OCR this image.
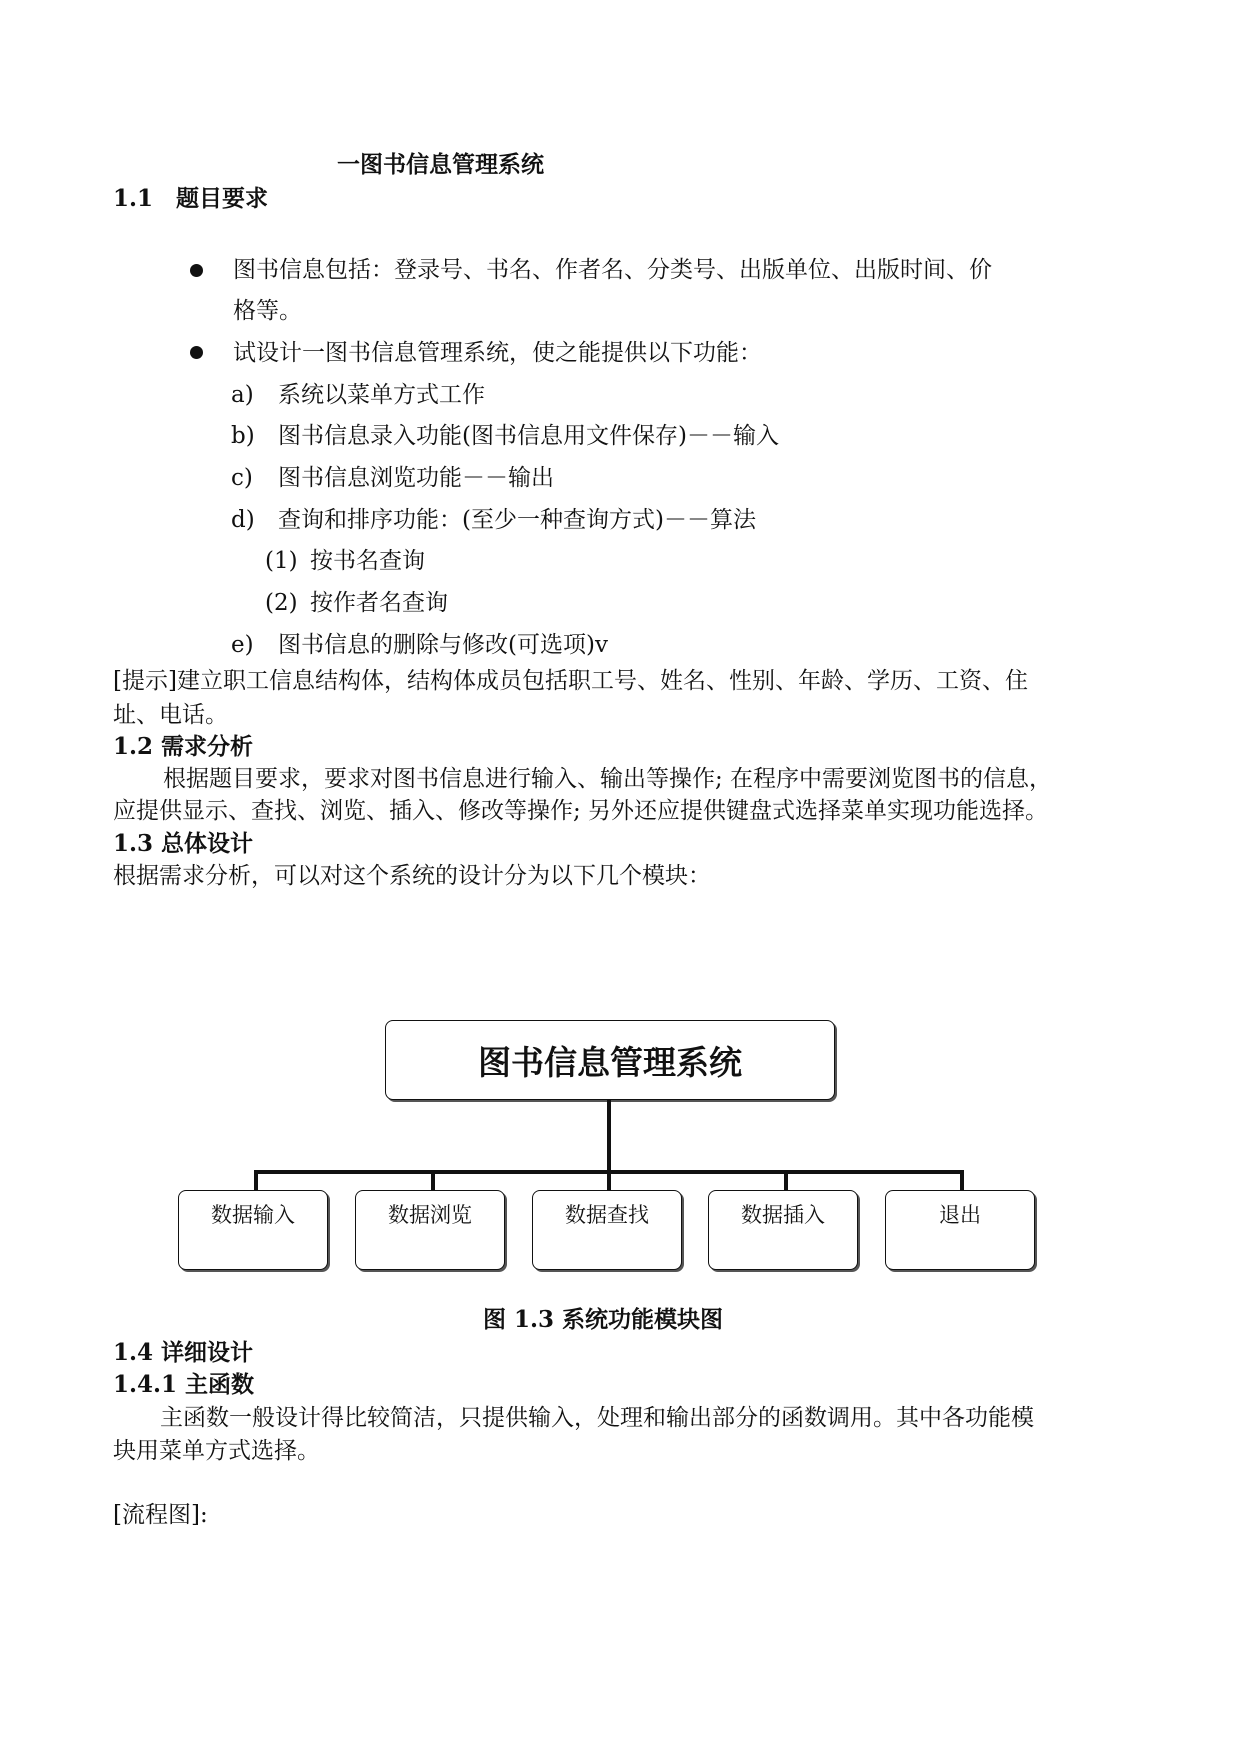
一图书信息管理系统
1.1　题目要求
图书信息包括：登录号、书名、作者名、分类号、出版单位、出版时间、价
格等。
试设计一图书信息管理系统，使之能提供以下功能：
a) 系统以菜单方式工作
b) 图书信息录入功能(图书信息用文件保存)－－输入
c) 图书信息浏览功能－－输出
d) 查询和排序功能：(至少一种查询方式)－－算法
(1) 按书名查询
(2) 按作者名查询
e) 图书信息的删除与修改(可选项)v
[提示]建立职工信息结构体，结构体成员包括职工号、姓名、性别、年龄、学历、工资、住
址、电话。
1.2 需求分析
根据题目要求，要求对图书信息进行输入、输出等操作; 在程序中需要浏览图书的信息，
应提供显示、查找、浏览、插入、修改等操作; 另外还应提供键盘式选择菜单实现功能选择。
1.3 总体设计
根据需求分析，可以对这个系统的设计分为以下几个模块：
图书信息管理系统
数据输入	数据浏览	数据查找	数据插入	退出
图 1.3 系统功能模块图
1.4 详细设计
1.4.1 主函数
主函数一般设计得比较简洁，只提供输入，处理和输出部分的函数调用。其中各功能模
块用菜单方式选择。
[流程图]:
